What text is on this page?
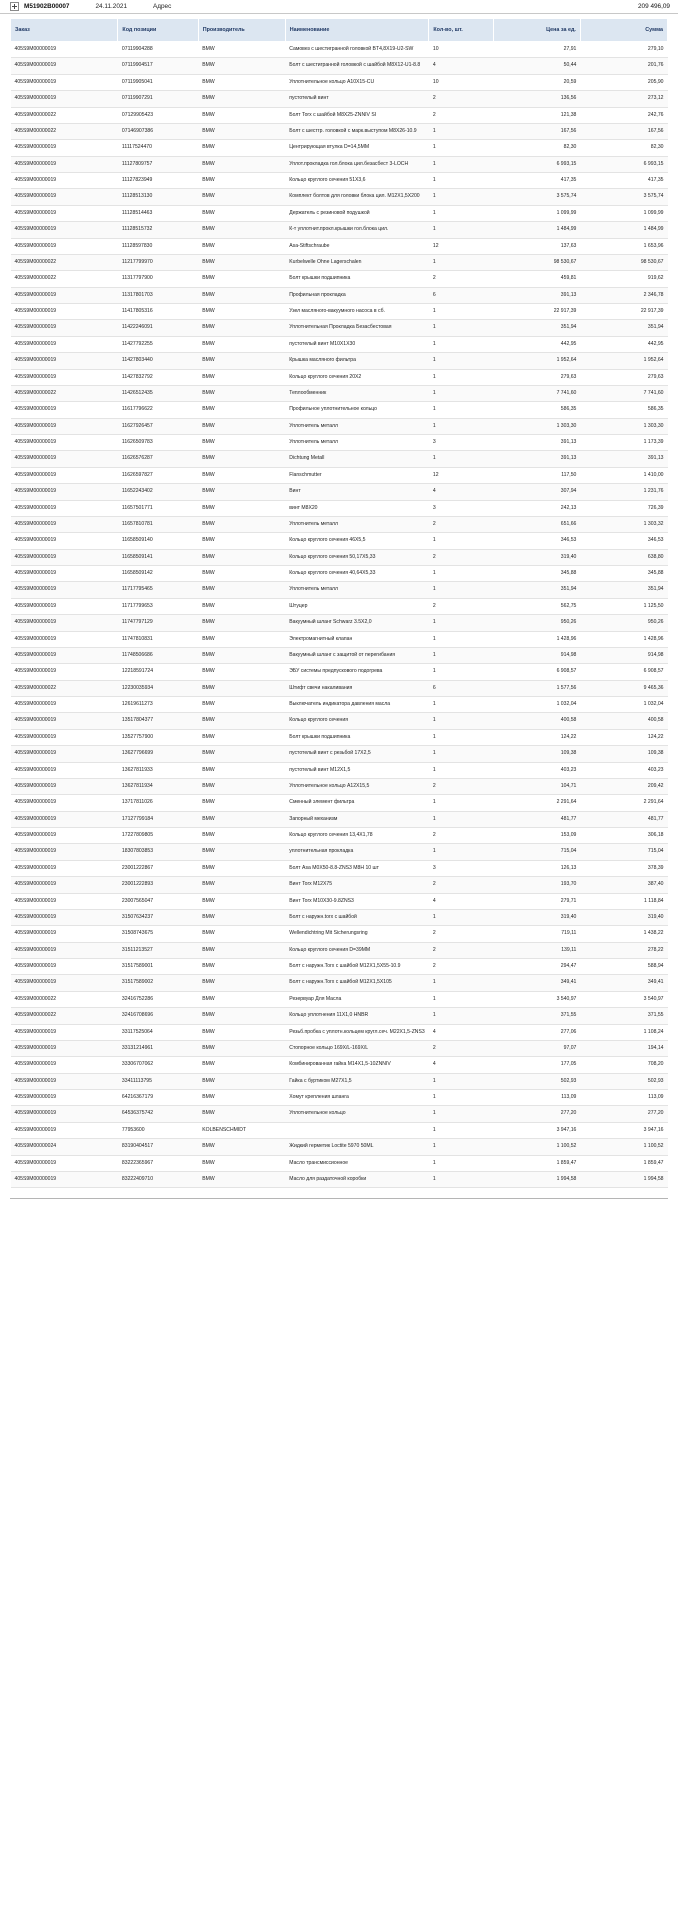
M51902B00007	24.11.2021	Адрес	209 496,09
Заказ	Код позиции	Производитель	Наименование	Кол-во, шт.	Цена за ед.	Сумма
405S9M00000019	07119904288	BMW	Самовез с шестигранной головкой BT4,8X19-U2-SW	10	27,91	279,10
405S9M00000019	07119904517	BMW	Болт с шестигранной головкой с шайбой M8X12-U1-8.8	4	50,44	201,76
405S9M00000019	07119905041	BMW	Уплотнительное кольцо A10X15-CU	10	20,59	205,90
405S9M00000019	07119907291	BMW	пустотелый винт	2	136,56	273,12
405S9M00000022	07129905423	BMW	Болт Torx с шайбой M8X25-ZNNIV SI	2	121,38	242,76
405S9M00000022	07146907386	BMW	Болт с шестгр. головкой с марк.выступом M8X26-10.9	1	167,56	167,56
405S9M00000019	11117524470	BMW	Центрирующая втулка D=14,5MM	1	82,30	82,30
405S9M00000019	11127809757	BMW	Уплот.прокладка гол.блока цил.безасбест 3-LOCH	1	6 993,15	6 993,15
405S9M00000019	11127823949	BMW	Кольцо круглого сечения 51X3,6	1	417,35	417,35
405S9M00000019	11128513130	BMW	Комплект болтов для головки блока цил. M12X1,5X200	1	3 575,74	3 575,74
405S9M00000019	11128514463	BMW	Держатель с резиновой подушкой	1	1 099,99	1 099,99
405S9M00000019	11128515732	BMW	К-т уплотнит.прокл.крышки гол.блока цил.	1	1 484,99	1 484,99
405S9M00000019	11128597830	BMW	Asa-Stiftschraube	12	137,63	1 653,96
405S9M00000022	11217799970	BMW	Kurbelwelle Ohne Lagerschalen	1	98 530,67	98 530,67
405S9M00000022	11317797900	BMW	Болт крышки подшипника	2	459,81	919,62
405S9M00000019	11317801703	BMW	Профильная прокладка	6	391,13	2 346,78
405S9M00000019	11417805316	BMW	Узел масляного-вакуумного насоса в сб.	1	22 917,39	22 917,39
405S9M00000019	11422246091	BMW	Уплотнительная Прокладка Безасбестовая	1	351,94	351,94
405S9M00000019	11427792255	BMW	пустотелый винт M10X1X30	1	442,95	442,95
405S9M00000019	11427803440	BMW	Крышка масляного фильтра	1	1 952,64	1 952,64
405S9M00000019	11427832792	BMW	Кольцо круглого сечения 20X2	1	279,63	279,63
405S9M00000022	11426512435	BMW	Теплообменник	1	7 741,60	7 741,60
405S9M00000019	11617796622	BMW	Профильное уплотнительное кольцо	1	586,35	586,35
405S9M00000019	11627926457	BMW	Уплотнитель металл	1	1 303,30	1 303,30
405S9M00000019	11626509783	BMW	Уплотнитель металл	3	391,13	1 173,39
405S9M00000019	11626576287	BMW	Dichtung Metall	1	391,13	391,13
405S9M00000019	11626597827	BMW	Flanschmutter	12	117,50	1 410,00
405S9M00000019	11652243402	BMW	Винт	4	307,94	1 231,76
405S9M00000019	11657501771	BMW	винт M8X20	3	242,13	726,39
405S9M00000019	11657810781	BMW	Уплотнитель металл	2	651,66	1 303,32
405S9M00000019	11658509140	BMW	Кольцо круглого сечения 46X5,5	1	346,53	346,53
405S9M00000019	11658509141	BMW	Кольцо круглого сечения 50,17X5,33	2	319,40	638,80
405S9M00000019	11658509142	BMW	Кольцо круглого сечения 40,64X5,33	1	345,88	345,88
405S9M00000019	11717795465	BMW	Уплотнитель металл	1	351,94	351,94
405S9M00000019	11717799653	BMW	Штуцер	2	562,75	1 125,50
405S9M00000019	11747797129	BMW	Вакуумный шланг Schwarz 3.5X2,0	1	950,26	950,26
405S9M00000019	11747810831	BMW	Электромагнитный клапан	1	1 428,96	1 428,96
405S9M00000019	11748506686	BMW	Вакуумный шланг с защитой от перегибания	1	914,98	914,98
405S9M00000019	12218591724	BMW	ЭБУ системы предпускового подогрева	1	6 908,57	6 908,57
405S9M00000022	12230035934	BMW	Штифт свечи накаливания	6	1 577,56	9 465,36
405S9M00000019	12619611273	BMW	Выключатель индикатора давления масла	1	1 032,04	1 032,04
405S9M00000019	13517804377	BMW	Кольцо круглого сечения	1	400,58	400,58
405S9M00000019	13527757900	BMW	Болт крышки подшипника	1	124,22	124,22
405S9M00000019	13627796699	BMW	пустотелый винт с резьбой 17X2,5	1	109,38	109,38
405S9M00000019	13627811933	BMW	пустотелый винт M12X1,5	1	403,23	403,23
405S9M00000019	13627811934	BMW	Уплотнительное кольцо A12X15,5	2	104,71	209,42
405S9M00000019	13717811026	BMW	Сменный элемент фильтра	1	2 291,64	2 291,64
405S9M00000019	17127799184	BMW	Запорный механизм	1	481,77	481,77
405S9M00000019	17227809805	BMW	Кольцо круглого сечения 13,4X1,78	2	153,09	306,18
405S9M00000019	18307803853	BMW	уплотнительная прокладка	1	715,04	715,04
405S9M00000019	23001222867	BMW	Болт Asa M0X50-8.8-ZNS3 M8H 10 шт	3	126,13	378,39
405S9M00000019	23001222893	BMW	Винт Torx M12X75	2	193,70	387,40
405S9M00000019	23007565047	BMW	Винт Torx M10X30-9.8ZNS3	4	279,71	1 118,84
405S9M00000019	31507634237	BMW	Болт с наружн.torx с шайбой	1	319,40	319,40
405S9M00000019	31508743675	BMW	Wellendichtring Mit Sicherungsring	2	719,11	1 438,22
405S9M00000019	31511213527	BMW	Кольцо круглого сечения D=39MM	2	139,11	278,22
405S9M00000019	31517589001	BMW	Болт с наружн.Torx с шайбой M12X1,5X55-10.9	2	294,47	588,94
405S9M00000019	31517589002	BMW	Болт с наружн.Torx с шайбой M12X1,5X105	1	349,41	349,41
405S9M00000022	32416752286	BMW	Резервуар Для Масла	1	3 540,97	3 540,97
405S9M00000022	32416708696	BMW	Кольцо уплотнения 11X1,0 HNBR	1	371,55	371,55
405S9M00000019	33117525064	BMW	Резьб.пробка с уплотн.кольцем кругл.сеч. M22X1,5-ZNS3	4	277,06	1 108,24
405S9M00000019	33131214961	BMW	Стопорное кольцо 169X/L-169X/L	2	97,07	194,14
405S9M00000019	33306707062	BMW	Комбинированная гайка M14X1,5-10ZNNIV	4	177,05	708,20
405S9M00000019	33411113795	BMW	Гайка с буртиком M27X1,5	1	502,93	502,93
405S9M00000019	64216367179	BMW	Хомут крепления шланга	1	113,09	113,09
405S9M00000019	64536375742	BMW	Уплотнительное кольцо	1	277,20	277,20
405S9M00000019	77953600	KOLBENSCHMIDT		1	3 947,16	3 947,16
405S9M00000024	83190404517	BMW	Жидкий герметик Loctite 5970 50ML	1	1 100,52	1 100,52
405S9M00000019	83222365967	BMW	Масло трансмиссионное	1	1 859,47	1 859,47
405S9M00000019	83222409710	BMW	Масло для раздаточной коробки	1	1 994,58	1 994,58
